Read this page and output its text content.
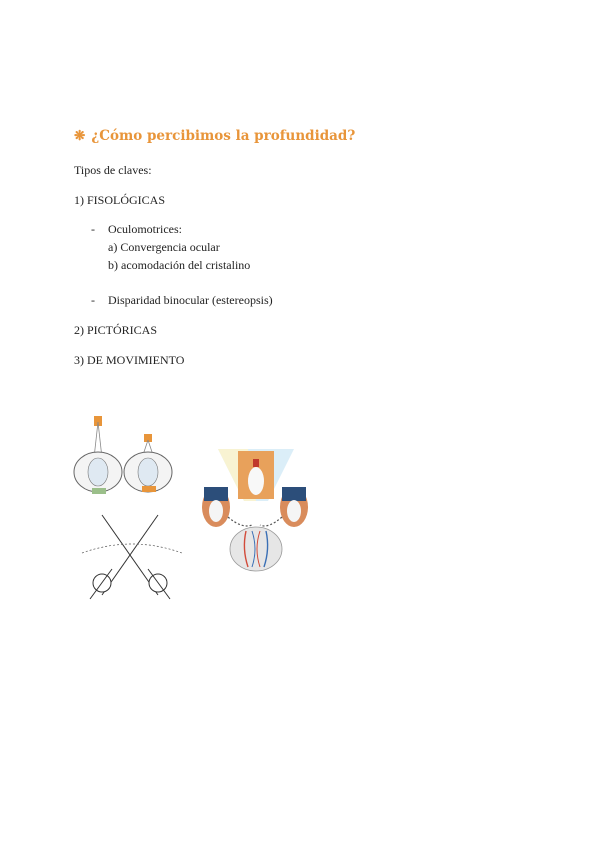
❋ ¿Cómo percibimos la profundidad?
Tipos de claves:
1) FISOLÓGICAS
- Oculomotrices:
a) Convergencia ocular
b) acomodación del cristalino
- Disparidad binocular (estereopsis)
2) PICTÓRICAS
3) DE MOVIMIENTO
